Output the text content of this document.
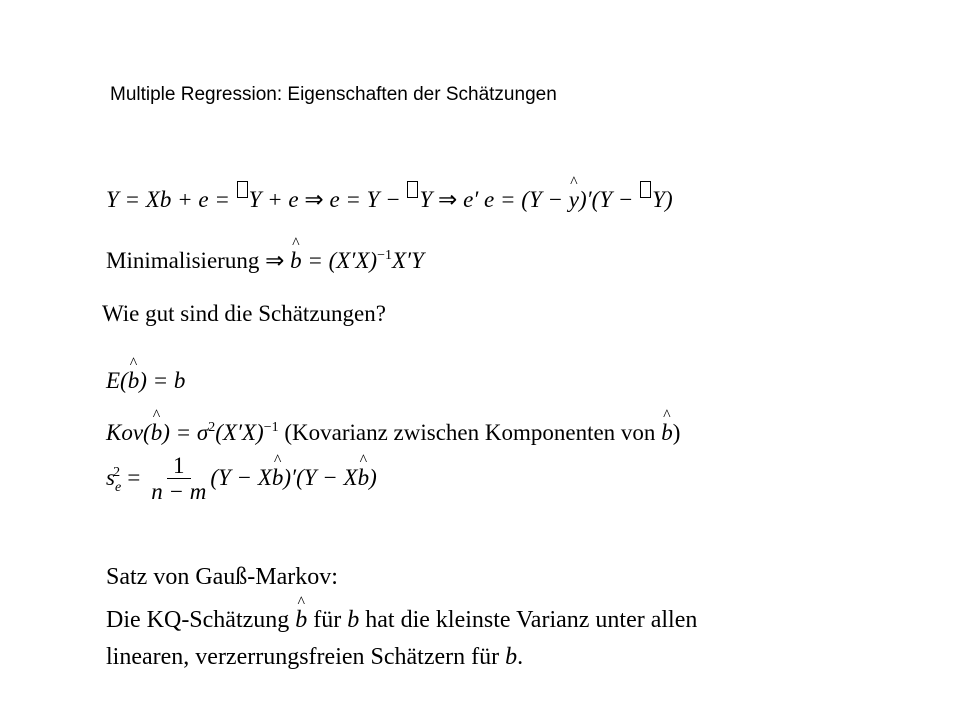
Multiple Regression: Eigenschaften der Schätzungen
Y = Xb + e = Y + e ⇒ e = Y − Y ⇒ e′ e = (Y − ^ y)′(Y − Y)
Minimalisierung ⇒ ^ $b = (X'X)^{-1}X'Y$
Wie gut sind die Schätzungen?
E(^ b) = b
Kov(^ $b) = \sigma^2(X'X)^{-1}$ (Kovarianz zwischen Komponenten von ^ b)
$s_e^2 = \frac{1}{n - m} (Y$ − X^ b)′(Y − X^ b)
Satz von Gauß-Markov:
Die KQ-Schätzung ^ b für b hat die kleinste Varianz unter allen
linearen, verzerrungsfreien Schätzern für b.
